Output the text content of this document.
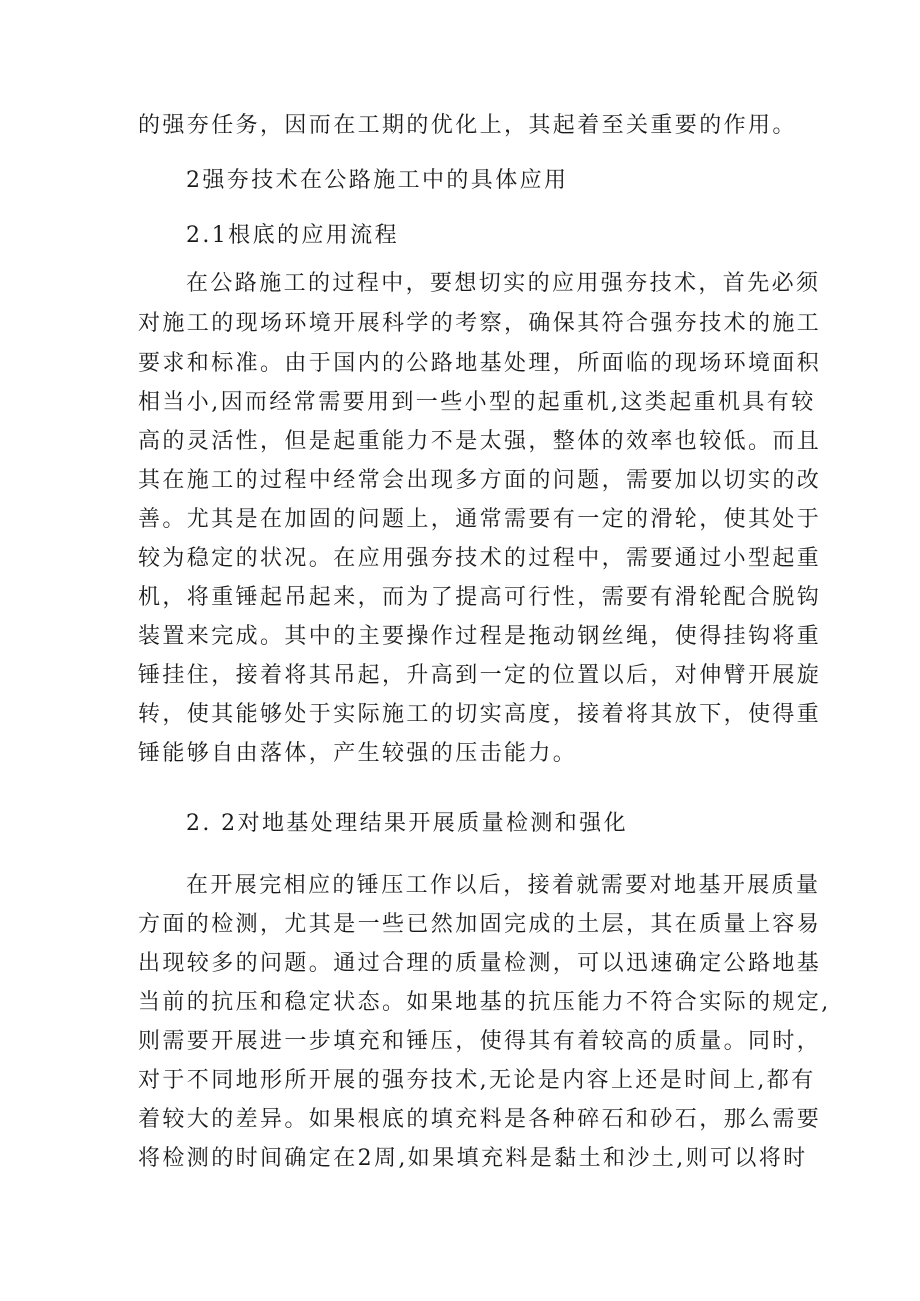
的强夯任务，因而在工期的优化上，其起着至关重要的作用。
2强夯技术在公路施工中的具体应用
2.1根底的应用流程
在公路施工的过程中，要想切实的应用强夯技术，首先必须
对施工的现场环境开展科学的考察，确保其符合强夯技术的施工
要求和标准。由于国内的公路地基处理，所面临的现场环境面积
相当小,因而经常需要用到一些小型的起重机,这类起重机具有较
高的灵活性，但是起重能力不是太强，整体的效率也较低。而且
其在施工的过程中经常会出现多方面的问题，需要加以切实的改
善。尤其是在加固的问题上，通常需要有一定的滑轮，使其处于
较为稳定的状况。在应用强夯技术的过程中，需要通过小型起重
机，将重锤起吊起来，而为了提高可行性，需要有滑轮配合脱钩
装置来完成。其中的主要操作过程是拖动钢丝绳，使得挂钩将重
锤挂住，接着将其吊起，升高到一定的位置以后，对伸臂开展旋
转，使其能够处于实际施工的切实高度，接着将其放下，使得重
锤能够自由落体，产生较强的压击能力。
2. 2对地基处理结果开展质量检测和强化
在开展完相应的锤压工作以后，接着就需要对地基开展质量
方面的检测，尤其是一些已然加固完成的土层，其在质量上容易
出现较多的问题。通过合理的质量检测，可以迅速确定公路地基
当前的抗压和稳定状态。如果地基的抗压能力不符合实际的规定,
则需要开展进一步填充和锤压，使得其有着较高的质量。同时，
对于不同地形所开展的强夯技术,无论是内容上还是时间上,都有
着较大的差异。如果根底的填充料是各种碎石和砂石，那么需要
将检测的时间确定在2周,如果填充料是黏土和沙土,则可以将时
